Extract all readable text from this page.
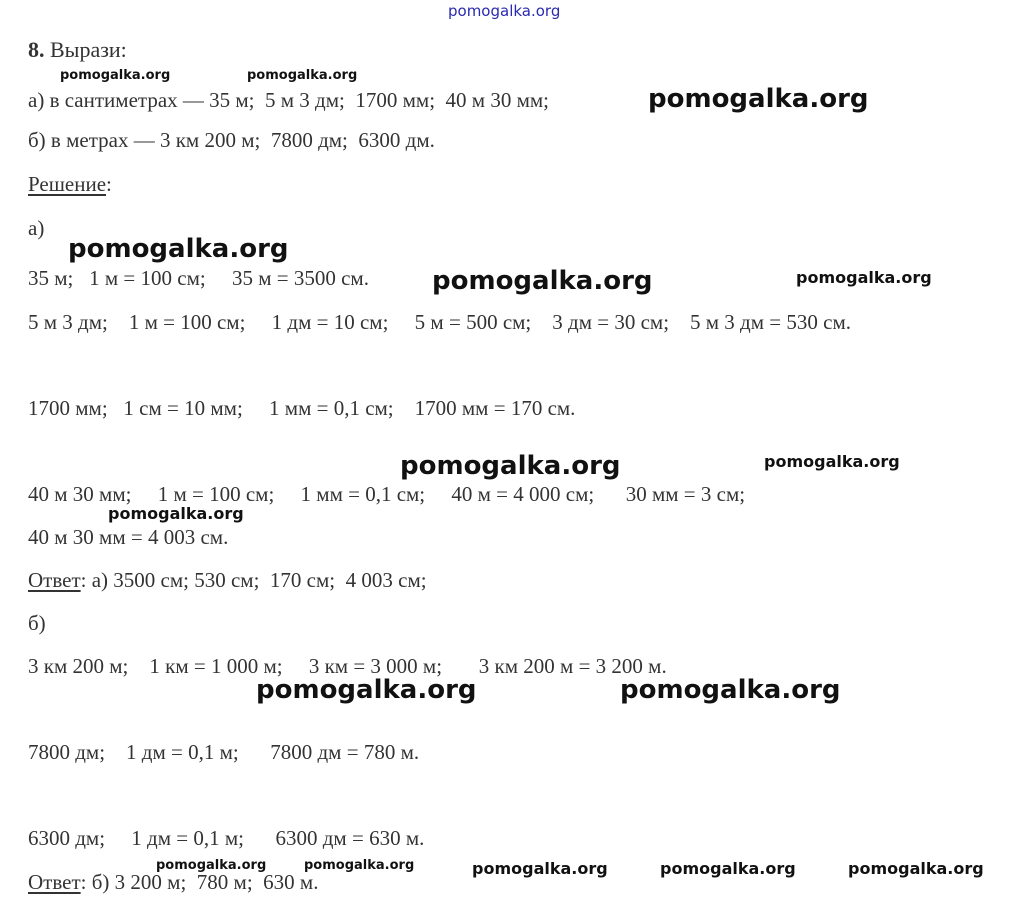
pomogalka.org
8. Вырази:
а) в сантиметрах — 35 м;  5 м 3 дм;  1700 мм;  40 м 30 мм;
б) в метрах — 3 км 200 м;  7800 дм;  6300 дм.
Решение:
а)
35 м;   1 м = 100 см;     35 м = 3500 см.
5 м 3 дм;    1 м = 100 см;     1 дм = 10 см;     5 м = 500 см;    3 дм = 30 см;    5 м 3 дм = 530 см.
1700 мм;   1 см = 10 мм;     1 мм = 0,1 см;    1700 мм = 170 см.
40 м 30 мм;     1 м = 100 см;     1 мм = 0,1 см;     40 м = 4 000 см;      30 мм = 3 см;
40 м 30 мм = 4 003 см.
Ответ: а) 3500 см; 530 см;  170 см;  4 003 см;
б)
3 км 200 м;    1 км = 1 000 м;     3 км = 3 000 м;       3 км 200 м = 3 200 м.
7800 дм;    1 дм = 0,1 м;      7800 дм = 780 м.
6300 дм;     1 дм = 0,1 м;      6300 дм = 630 м.
Ответ: б) 3 200 м;  780 м;  630 м.
pomogalka.org	pomogalka.org
pomogalka.org
pomogalka.org
pomogalka.org	pomogalka.org
pomogalka.org	pomogalka.org
pomogalka.org
pomogalka.org	pomogalka.org
pomogalka.org	pomogalka.org	pomogalka.org	pomogalka.org	pomogalka.org
